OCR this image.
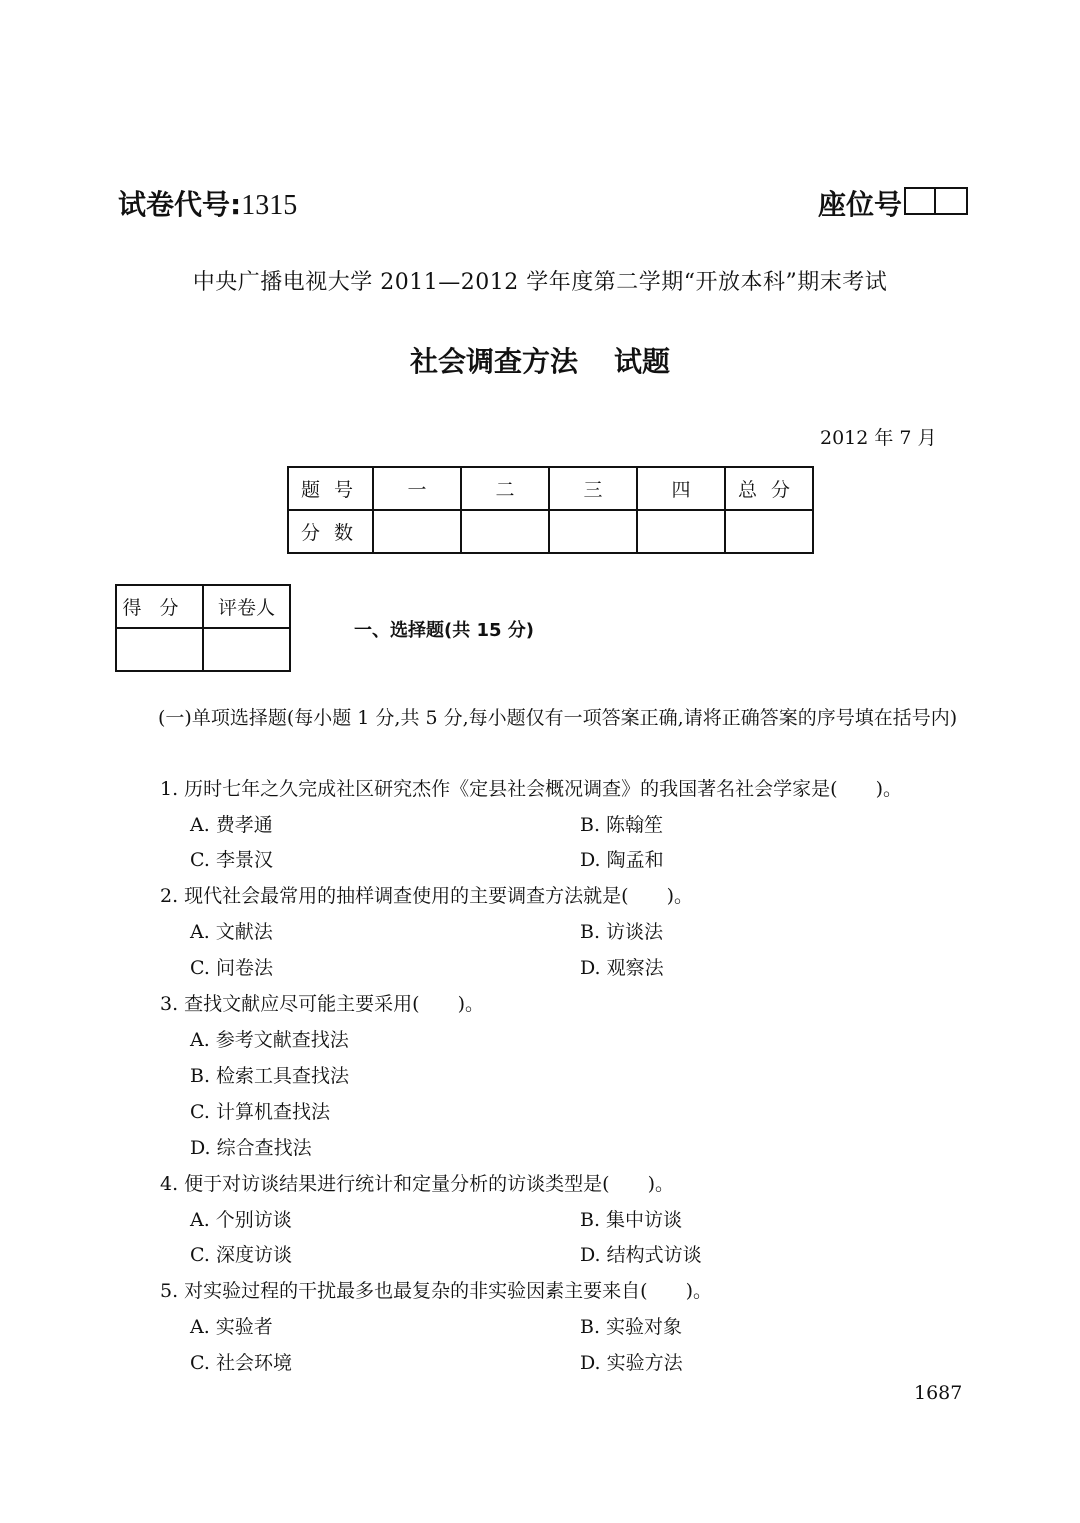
试卷代号:1315	座位号
中央广播电视大学 2011—2012 学年度第二学期“开放本科”期末考试
社会调查方法 试题
2012 年 7 月
题号	一	二	三	四	总分
分数					
得分	评卷人

一、选择题(共 15 分)
(一)单项选择题(每小题 1 分,共 5 分,每小题仅有一项答案正确,请将正确答案的序号填在括号内)
1. 历时七年之久完成社区研究杰作《定县社会概况调查》的我国著名社会学家是(　　)。
A. 费孝通	B. 陈翰笙
C. 李景汉	D. 陶孟和
2. 现代社会最常用的抽样调查使用的主要调查方法就是(　　)。
A. 文献法	B. 访谈法
C. 问卷法	D. 观察法
3. 查找文献应尽可能主要采用(　　)。
A. 参考文献查找法
B. 检索工具查找法
C. 计算机查找法
D. 综合查找法
4. 便于对访谈结果进行统计和定量分析的访谈类型是(　　)。
A. 个别访谈	B. 集中访谈
C. 深度访谈	D. 结构式访谈
5. 对实验过程的干扰最多也最复杂的非实验因素主要来自(　　)。
A. 实验者	B. 实验对象
C. 社会环境	D. 实验方法
1687
